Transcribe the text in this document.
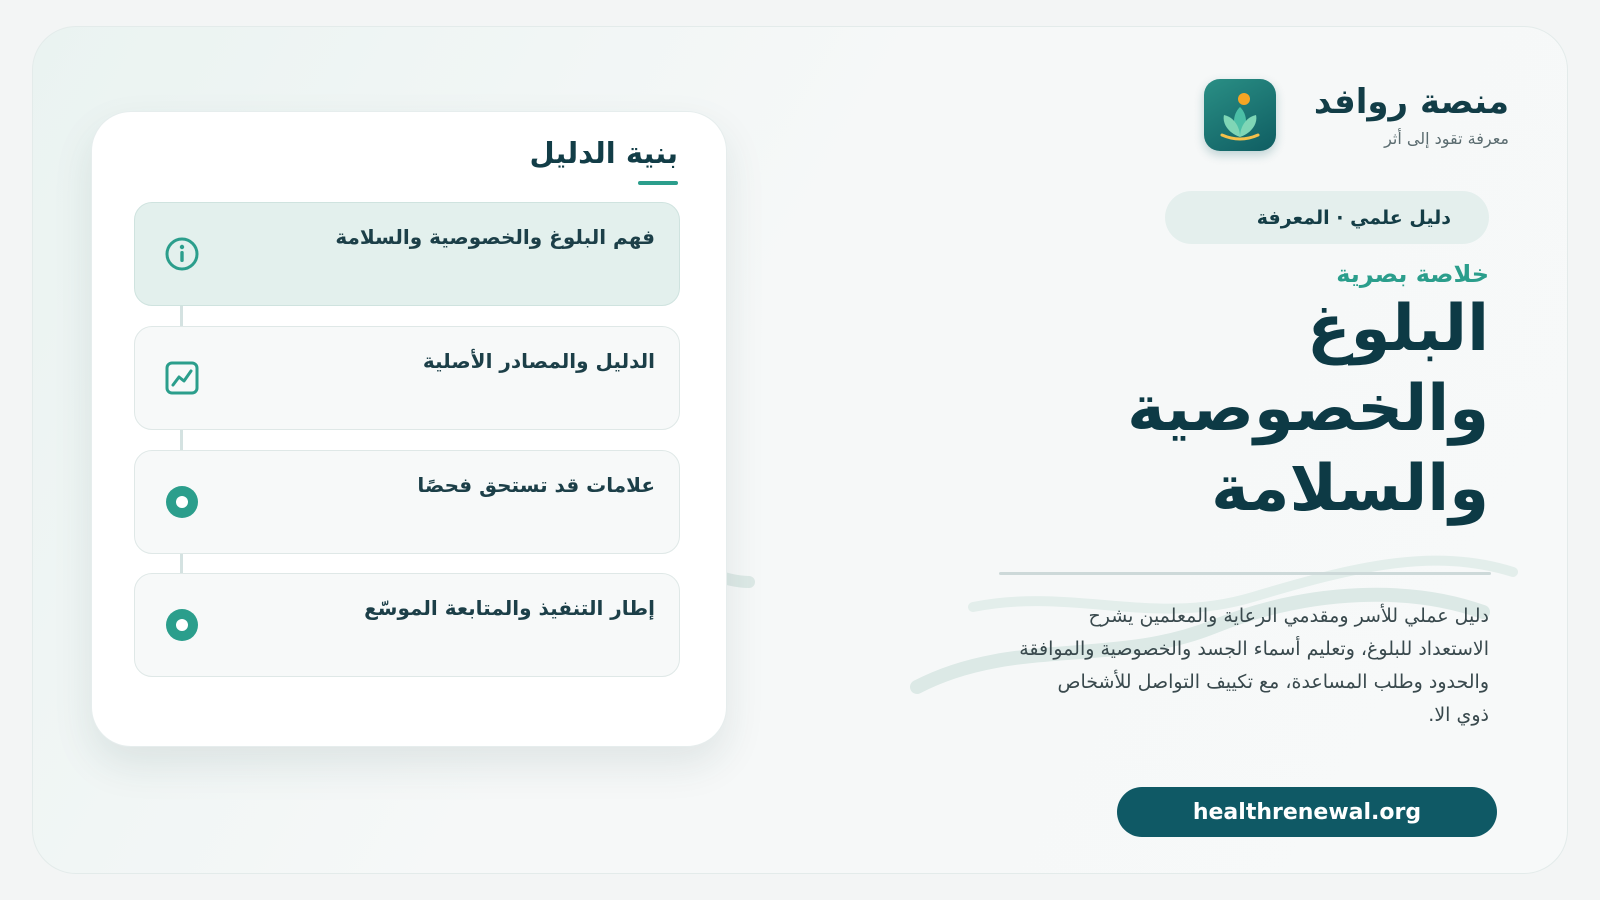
منصة روافد
معرفة تقود إلى أثر
دليل علمي · المعرفة
خلاصة بصرية
البلوغ
والخصوصية
والسلامة
دليل عملي للأسر ومقدمي الرعاية والمعلمين يشرح الاستعداد للبلوغ، وتعليم أسماء الجسد والخصوصية والموافقة والحدود وطلب المساعدة، مع تكييف التواصل للأشخاص ذوي الا.
healthrenewal.org
بنية الدليل
فهم البلوغ والخصوصية والسلامة
الدليل والمصادر الأصلية
علامات قد تستحق فحصًا
إطار التنفيذ والمتابعة الموسّع
